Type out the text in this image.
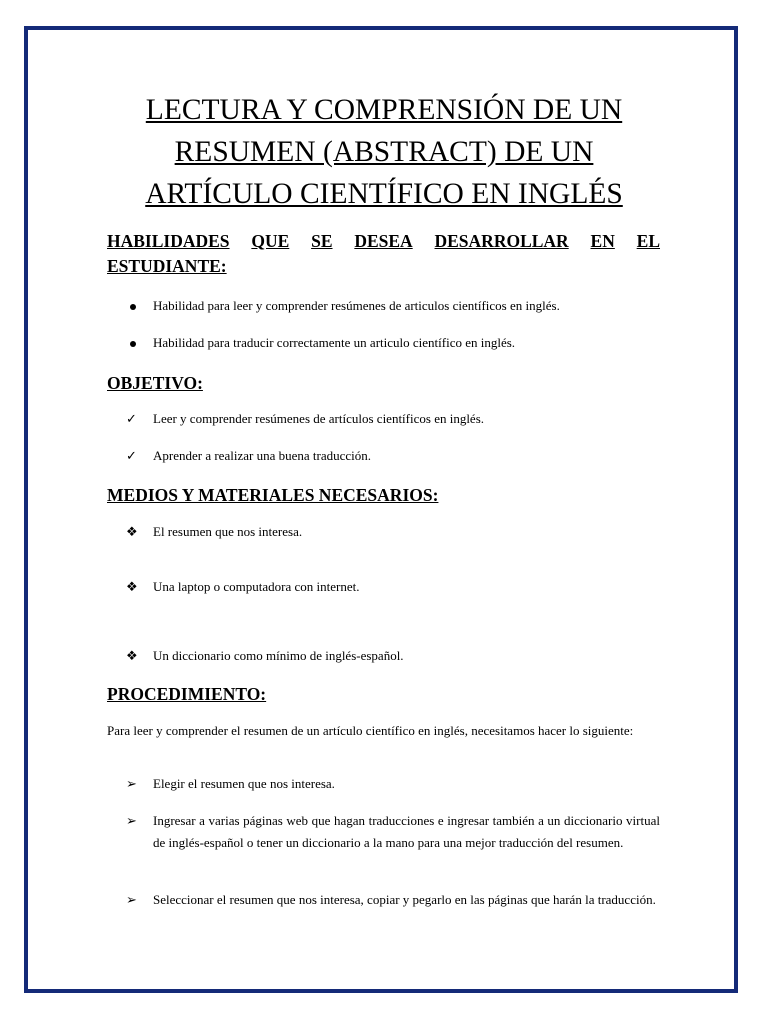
LECTURA Y COMPRENSIÓN DE UN
RESUMEN (ABSTRACT) DE UN
ARTÍCULO CIENTÍFICO EN INGLÉS
HABILIDADES QUE SE DESEA DESARROLLAR EN EL
ESTUDIANTE:
Habilidad para leer y comprender resúmenes de articulos científicos en inglés.
Habilidad para traducir correctamente un articulo científico en inglés.
OBJETIVO:
✓	Leer y comprender resúmenes de artículos científicos en inglés.
✓	Aprender a realizar una buena traducción.
MEDIOS Y MATERIALES NECESARIOS:
❖	El resumen que nos interesa.
❖	Una laptop o computadora con internet.
❖	Un diccionario como mínimo de inglés-español.
PROCEDIMIENTO:
Para leer y comprender el resumen de un artículo científico en inglés, necesitamos hacer lo siguiente:
➢	Elegir el resumen que nos interesa.
➢	Ingresar a varias páginas web que hagan traducciones e ingresar también a un diccionario virtual de inglés-español o tener un diccionario a la mano para una mejor traducción del resumen.
➢	Seleccionar el resumen que nos interesa, copiar y pegarlo en las páginas que harán la traducción.
